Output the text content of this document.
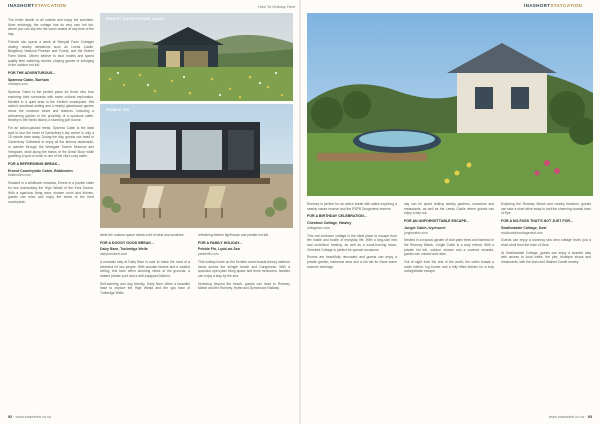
INASHORTSTAYCATION	How To Holiday Here	INASHORTSTAYCATION

The entire abode to all outside and enjoy the sunshine. More enticingly, the cottage has its very own hot tub, where you can slip into the warm waters at any time of the day.

Friends can spend a week at Sleepall Farm Cottages visiting nearby attractions such as Leeds Castle, Belgebury National Pinetum and Forest, and the Rother Farm World. Others believe to strut motels and spend quality time watching movies, playing games or indulging in the outdoor hot tub.

FOR THE ADVENTUROUS...
Sparrow Cabin, Burham
oranbylo.com

Sparrow Cabin is the perfect place for those who love exploring their surrounds with some cultural exploration. Nestled in a quiet area in the Kentish countryside, this cabin's woodland setting and a nearby glasshouse garden views the outdoors views and features, including a welcoming garden in the proximity of a spacious cabin. Nearby is the Nexto Island, a stunning golf course.

For an action-packed break, Sparrow Cabin is the ideal spot to tour the heart of Canterbury's city centre is only a 15 minute drive away. During the day, guests can head to Canterbury Cathedral to enjoy all the famous landmarks, or wander through the Westgate Towers Museum and Viewpoint, stroll along the banks of the Great Stour while grabbing a spot of lunch in one of the city's cosy cafés.

FOR A REFRESHING BREAK...
Ernest Countryside Cabin, Biddenden
biddenden.com

Situated in a wildflower meadow, Ernest is a private cabin for two overlooking the High Weald of the Kent Downs. With a spacious living area, shower room and kitchen, guests can relax and enjoy the views of the Kent countryside.

ERNEST COUNTRYSIDE CABIN
PEBBLE FIN

while the outdoor space needs a bit of wind and sunshine.

FOR A DOGGY GOOD BREAK...
Dairy Barn, Tunbridge Wells
dairybarnkent.com

A romantic stay at Dairy Barn is sure to make the most of a weekend for two people. With wooden beams and a vaulted ceiling, this barn offers stunning views of the grounds, a heated private pool and a well-equipped kitchen.

Self-catering and dog friendly, Dairy Barn offers a beautiful base to explore the High Weald and the spa town of Tunbridge Wells.

refreshing kitchen lighthouse and private hot tub.

FOR A FAMILY HOLIDAY...
Pebble Fin, Lydd-on-Sea
pebblefin.com

This holiday home on the Kentish coast boasts breezy seafront views across the shingle beach and Dungeness. With a spacious open-plan living space and three bedrooms, families can enjoy a stay by the sea.

Venturing beyond the beach, guests can head to Romney Marsh and the Romney, Hythe and Dymchurch Railway.

Romney is perfect for an active break with walks exploring a nearby nature reserve and the RSPB Dungeness reserve.

FOR A BIRTHDAY CELEBRATION...
Chestnut Cottage, Hawley
cottagesco.com

This one-bedroom cottage is the ideal place to escape from the hustle and bustle of everyday life. With a king-size bed and underfloor heating, as well as a wood-burning stove, Chestnut Cottage is perfect for special occasions.

Rooms are beautifully decorated and guests can enjoy a private garden, barbecue area and a hot tub for those warm summer evenings.

day can be spent visiting nearby gardens, museums and restaurants, as well as the Leeds Castle where guests can enjoy a day out.

FOR AN UNFORGETTABLE ESCAPE...
Jungle Cabin, Ivychurch
junglecabin.com

Nestled in a tropical garden of lush palm trees and bamboo in the Romney Marsh, Jungle Cabin is a cosy retreat. With a private hot tub, outdoor shower and a covered veranda, guests can unwind and relax.

Out of sight from the rest of the world, the cabin boasts a rustic interior, log burner and a fully fitted kitchen for a truly unforgettable escape.

Exploring the Romney Marsh and nearby beaches, guests can take a short drive away to visit the charming coastal town of Rye.

FOR A NO-FUSS THAT'S NOT JUST FOR...
Swallowdale Cottage, Deal
swallowdalecottagedeal.com

Guests can enjoy a stunning sea view cottage that's just a short stroll from the town of Deal.

At Swallowdale Cottage, guests can enjoy a seaside stay with access to local cafés, the pier, boutique shops and restaurants, with the town and Walmer Castle nearby.

92 · www.inasbstert.co.uk	www.inasbstert.co.uk · 93
